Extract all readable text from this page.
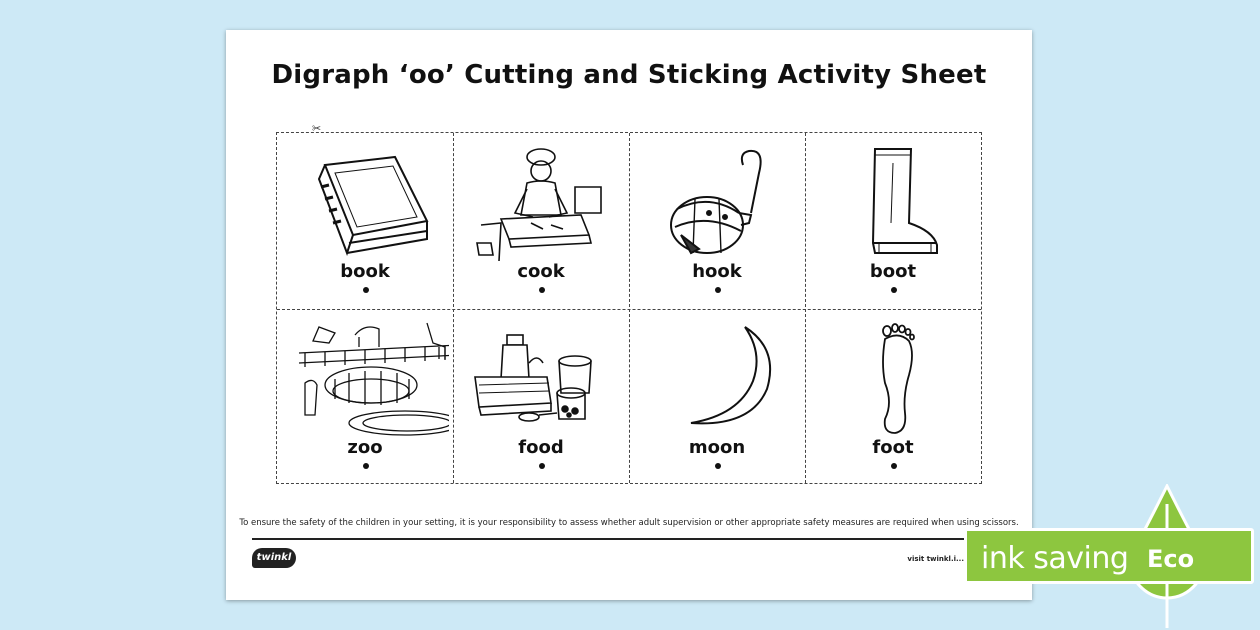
Digraph ‘oo’ Cutting and Sticking Activity Sheet
✂
book	cook	hook	boot
zoo	food	moon	foot
To ensure the safety of the children in your setting, it is your responsibility to assess whether adult supervision or other appropriate safety measures are required when using scissors.
twinkl	visit twinkl.i... ink saving Eco
